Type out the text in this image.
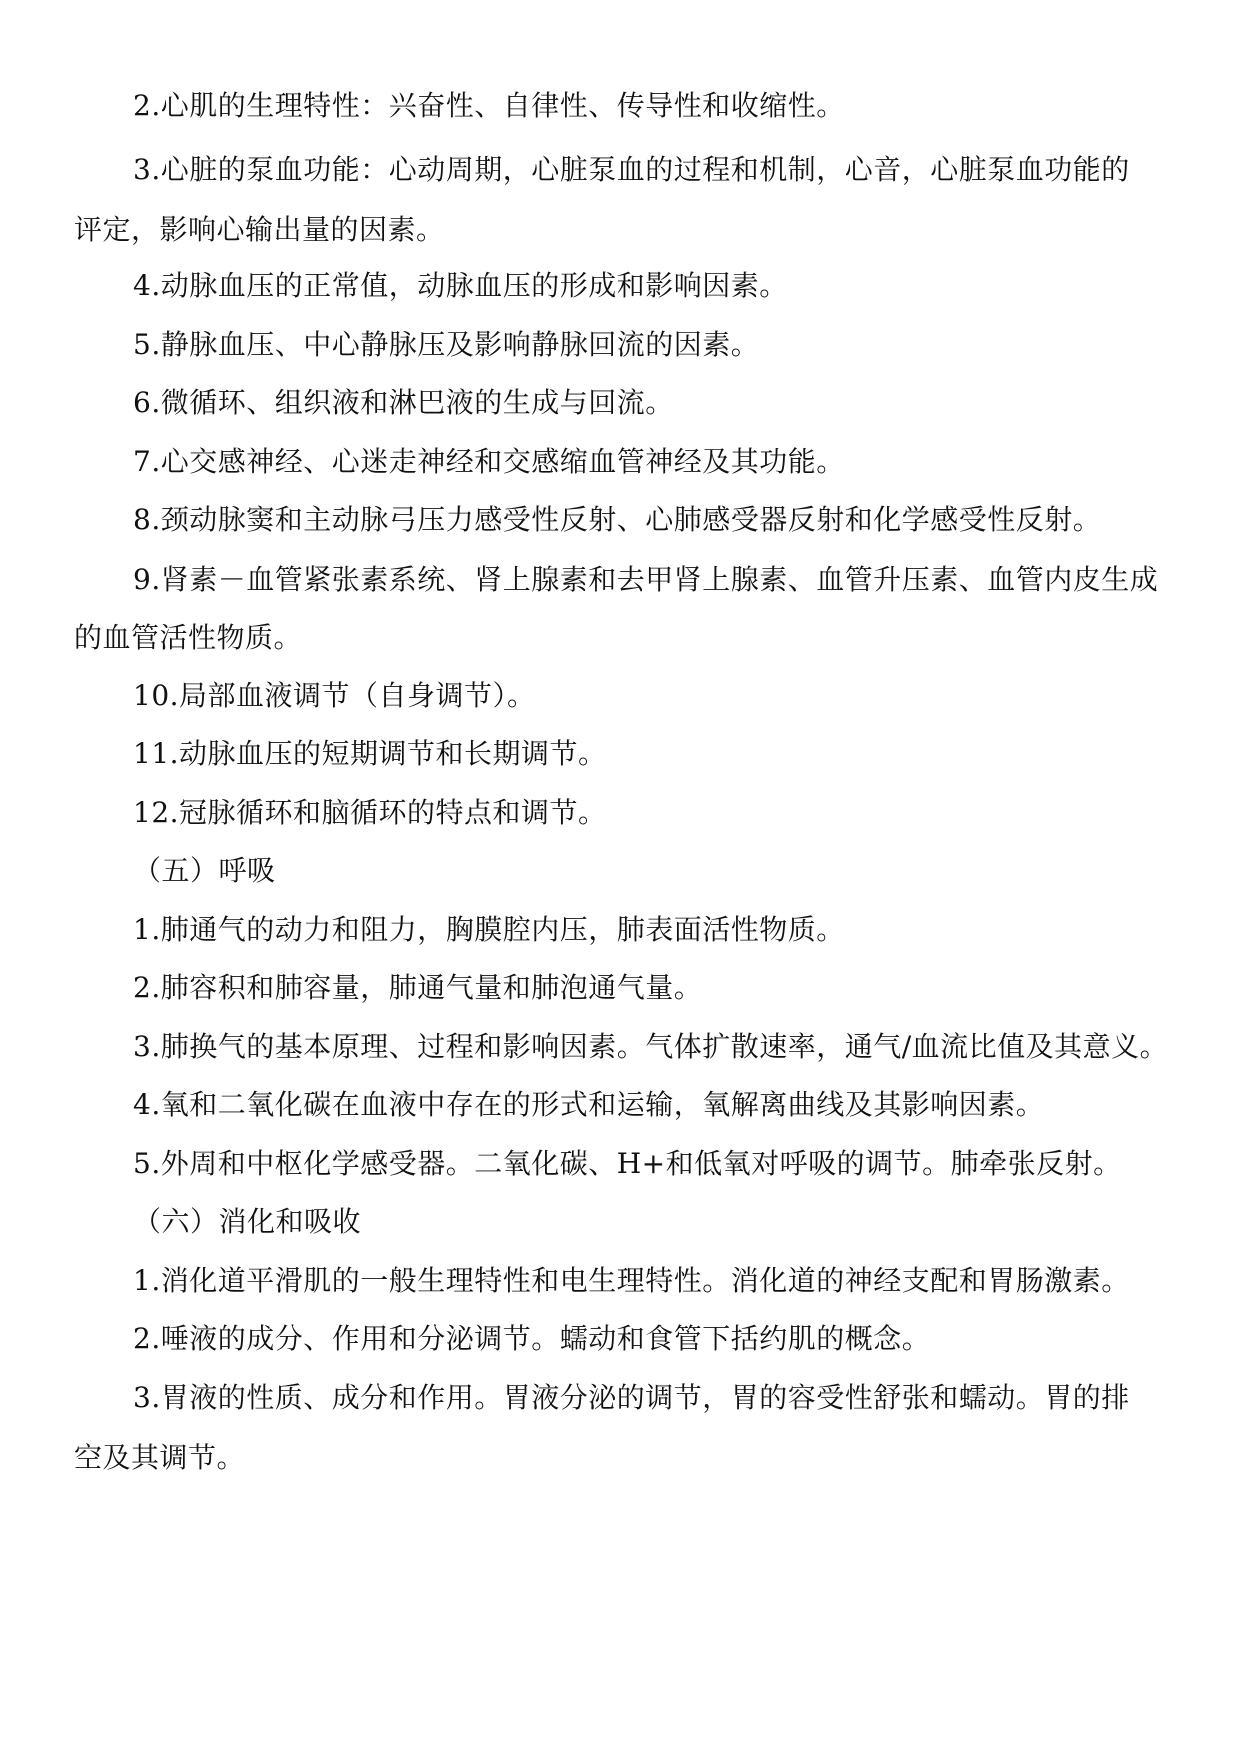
2.心肌的生理特性：兴奋性、自律性、传导性和收缩性。
3.心脏的泵血功能：心动周期，心脏泵血的过程和机制，心音，心脏泵血功能的
评定，影响心输出量的因素。
4.动脉血压的正常值，动脉血压的形成和影响因素。
5.静脉血压、中心静脉压及影响静脉回流的因素。
6.微循环、组织液和淋巴液的生成与回流。
7.心交感神经、心迷走神经和交感缩血管神经及其功能。
8.颈动脉窦和主动脉弓压力感受性反射、心肺感受器反射和化学感受性反射。
9.肾素－血管紧张素系统、肾上腺素和去甲肾上腺素、血管升压素、血管内皮生成
的血管活性物质。
10.局部血液调节（自身调节）。
11.动脉血压的短期调节和长期调节。
12.冠脉循环和脑循环的特点和调节。
（五）呼吸
1.肺通气的动力和阻力，胸膜腔内压，肺表面活性物质。
2.肺容积和肺容量，肺通气量和肺泡通气量。
3.肺换气的基本原理、过程和影响因素。气体扩散速率，通气/血流比值及其意义。
4.氧和二氧化碳在血液中存在的形式和运输，氧解离曲线及其影响因素。
5.外周和中枢化学感受器。二氧化碳、H+和低氧对呼吸的调节。肺牵张反射。
（六）消化和吸收
1.消化道平滑肌的一般生理特性和电生理特性。消化道的神经支配和胃肠激素。
2.唾液的成分、作用和分泌调节。蠕动和食管下括约肌的概念。
3.胃液的性质、成分和作用。胃液分泌的调节，胃的容受性舒张和蠕动。胃的排
空及其调节。
